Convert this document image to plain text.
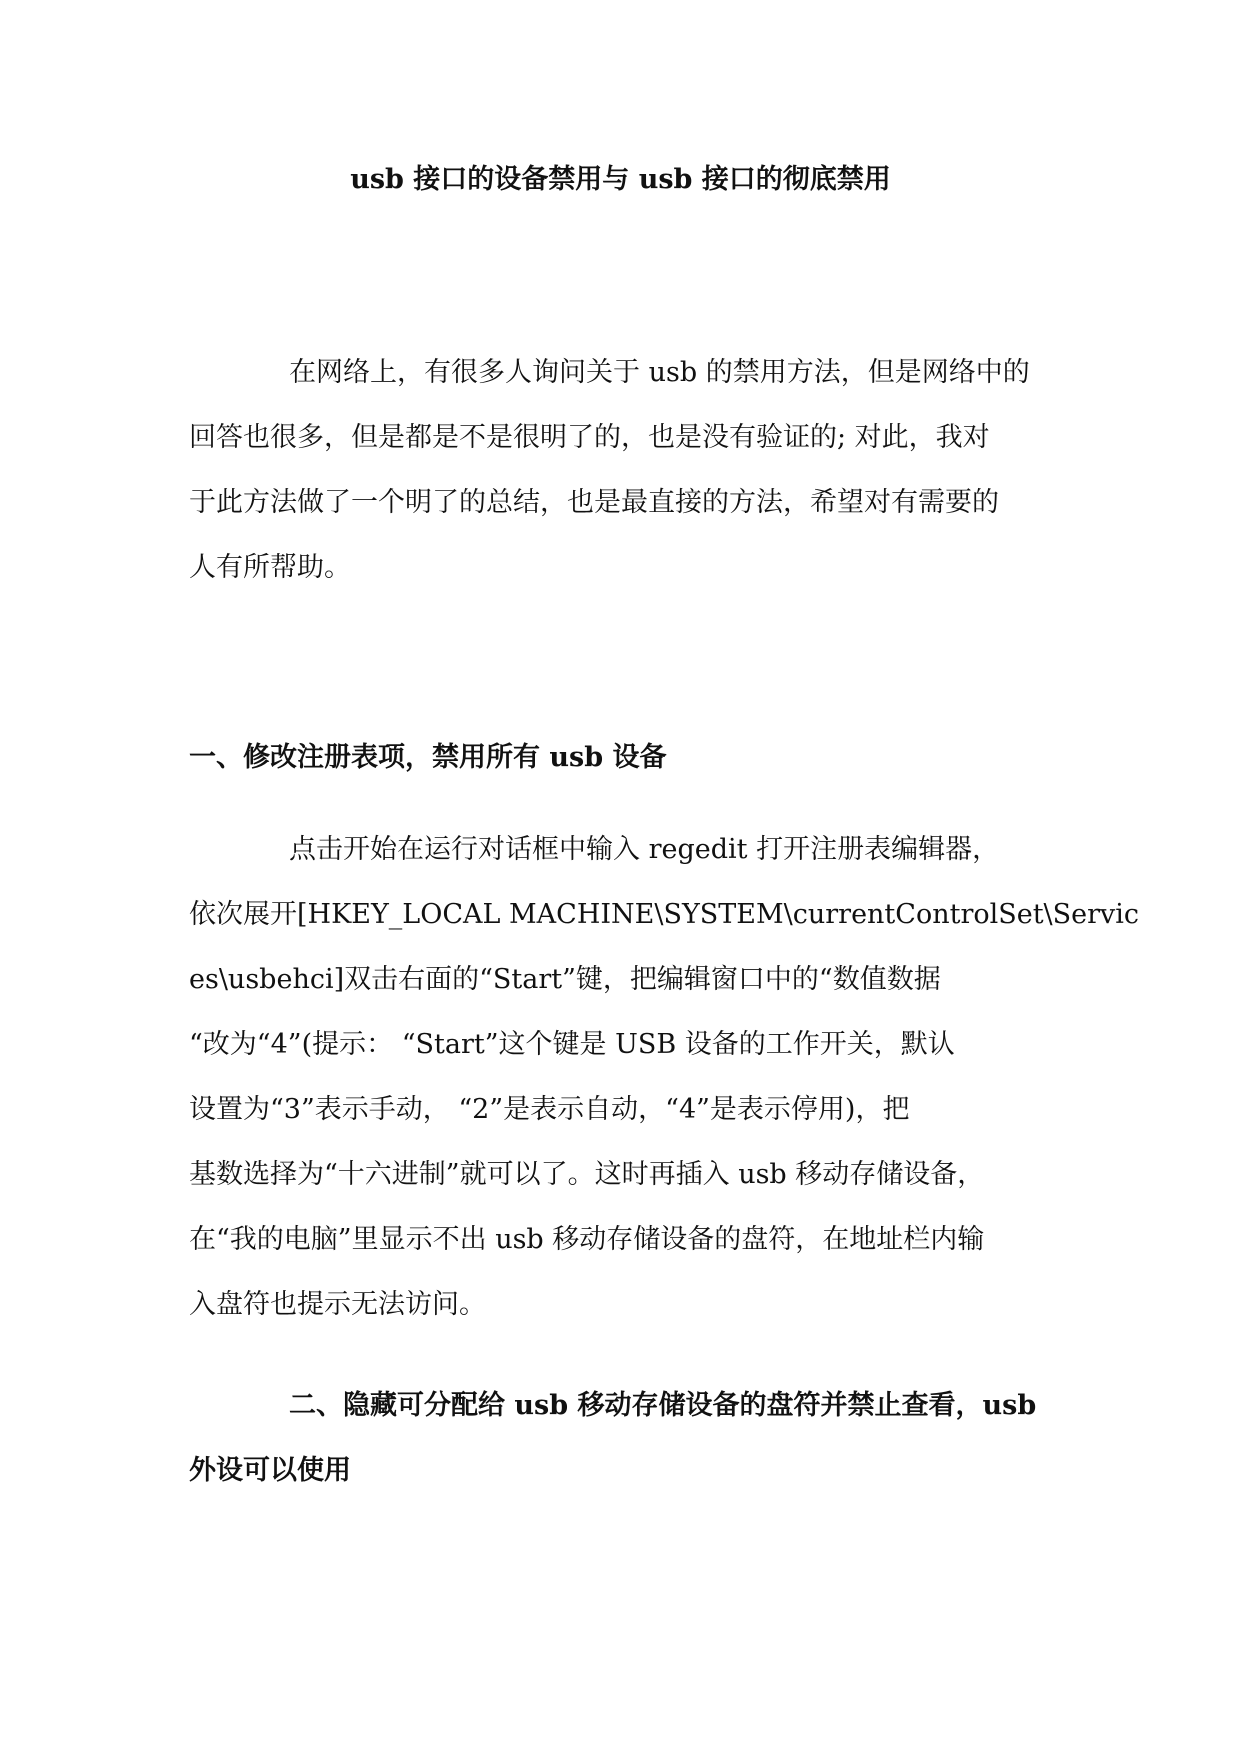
usb 接口的设备禁用与 usb 接口的彻底禁用
在网络上，有很多人询问关于 usb 的禁用方法，但是网络中的
回答也很多，但是都是不是很明了的，也是没有验证的; 对此，我对
于此方法做了一个明了的总结，也是最直接的方法，希望对有需要的
人有所帮助。
一、修改注册表项，禁用所有 usb 设备
点击开始在运行对话框中输入 regedit 打开注册表编辑器，
依次展开[HKEY_LOCAL MACHINE\SYSTEM\currentControlSet\Servic
es\usbehci]双击右面的“Start”键，把编辑窗口中的“数值数据
“改为“4”(提示： “Start”这个键是 USB 设备的工作开关，默认
设置为“3”表示手动， “2”是表示自动，“4”是表示停用)，把
基数选择为“十六进制”就可以了。这时再插入 usb 移动存储设备，
在“我的电脑”里显示不出 usb 移动存储设备的盘符，在地址栏内输
入盘符也提示无法访问。
二、隐藏可分配给 usb 移动存储设备的盘符并禁止查看，usb
外设可以使用
